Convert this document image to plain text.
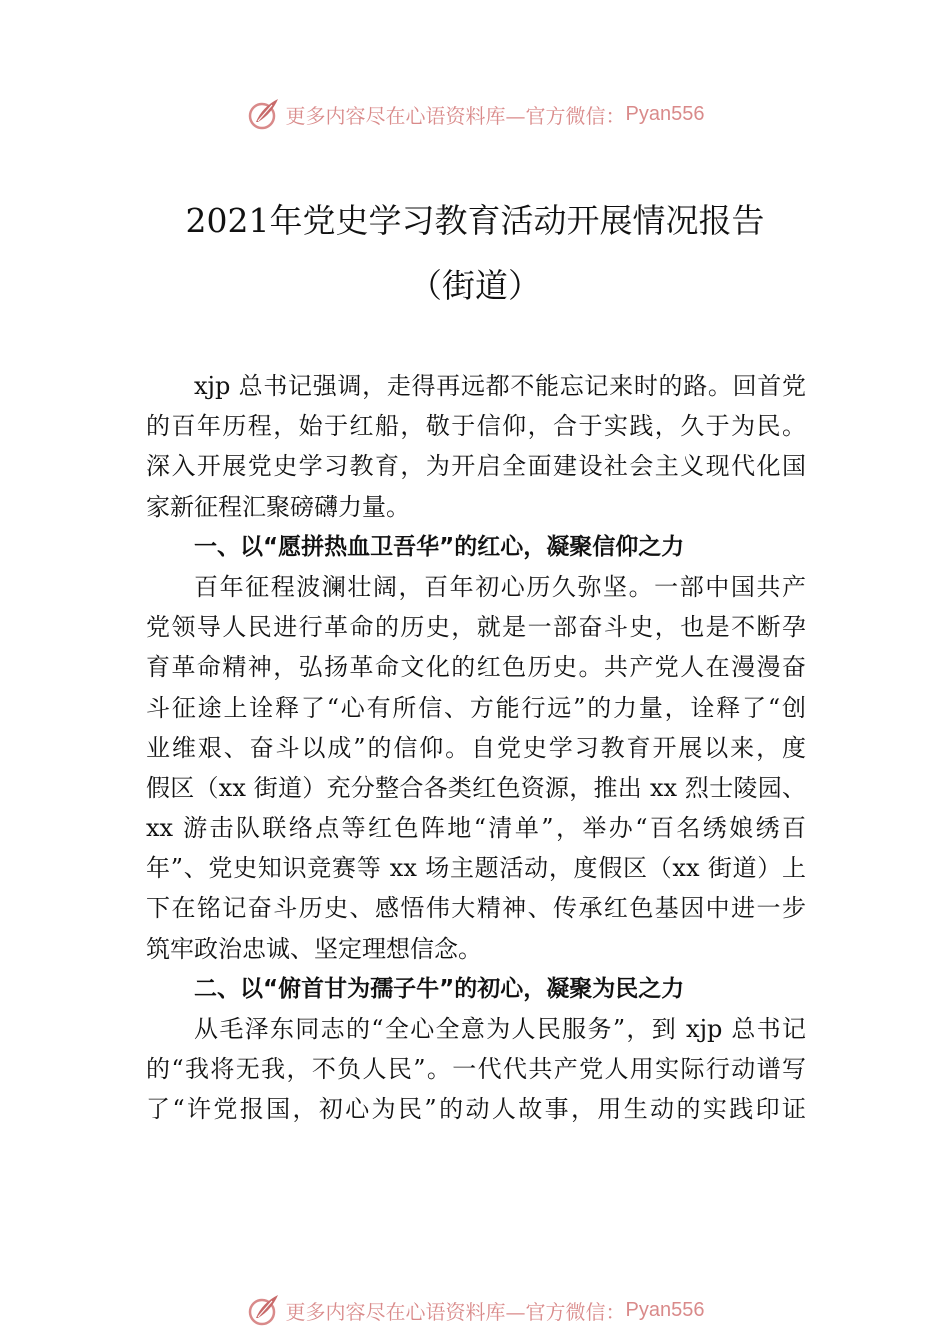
更多内容尽在心语资料库—官方微信： Pyan556
2021年党史学习教育活动开展情况报告
（街道）
xjp 总书记强调，走得再远都不能忘记来时的路。回首党
的百年历程，始于红船，敬于信仰，合于实践，久于为民。
深入开展党史学习教育，为开启全面建设社会主义现代化国
家新征程汇聚磅礴力量。
一、以“愿拼热血卫吾华”的红心，凝聚信仰之力
百年征程波澜壮阔，百年初心历久弥坚。一部中国共产
党领导人民进行革命的历史，就是一部奋斗史，也是不断孕
育革命精神，弘扬革命文化的红色历史。共产党人在漫漫奋
斗征途上诠释了“心有所信、方能行远”的力量，诠释了“创
业维艰、奋斗以成”的信仰。自党史学习教育开展以来，度
假区（xx 街道）充分整合各类红色资源，推出 xx 烈士陵园、
xx 游击队联络点等红色阵地“清单”，举办“百名绣娘绣百
年”、党史知识竞赛等 xx 场主题活动，度假区（xx 街道）上
下在铭记奋斗历史、感悟伟大精神、传承红色基因中进一步
筑牢政治忠诚、坚定理想信念。
二、以“俯首甘为孺子牛”的初心，凝聚为民之力
从毛泽东同志的“全心全意为人民服务”，到 xjp 总书记
的“我将无我，不负人民”。一代代共产党人用实际行动谱写
了“许党报国，初心为民”的动人故事，用生动的实践印证
更多内容尽在心语资料库—官方微信： Pyan556
